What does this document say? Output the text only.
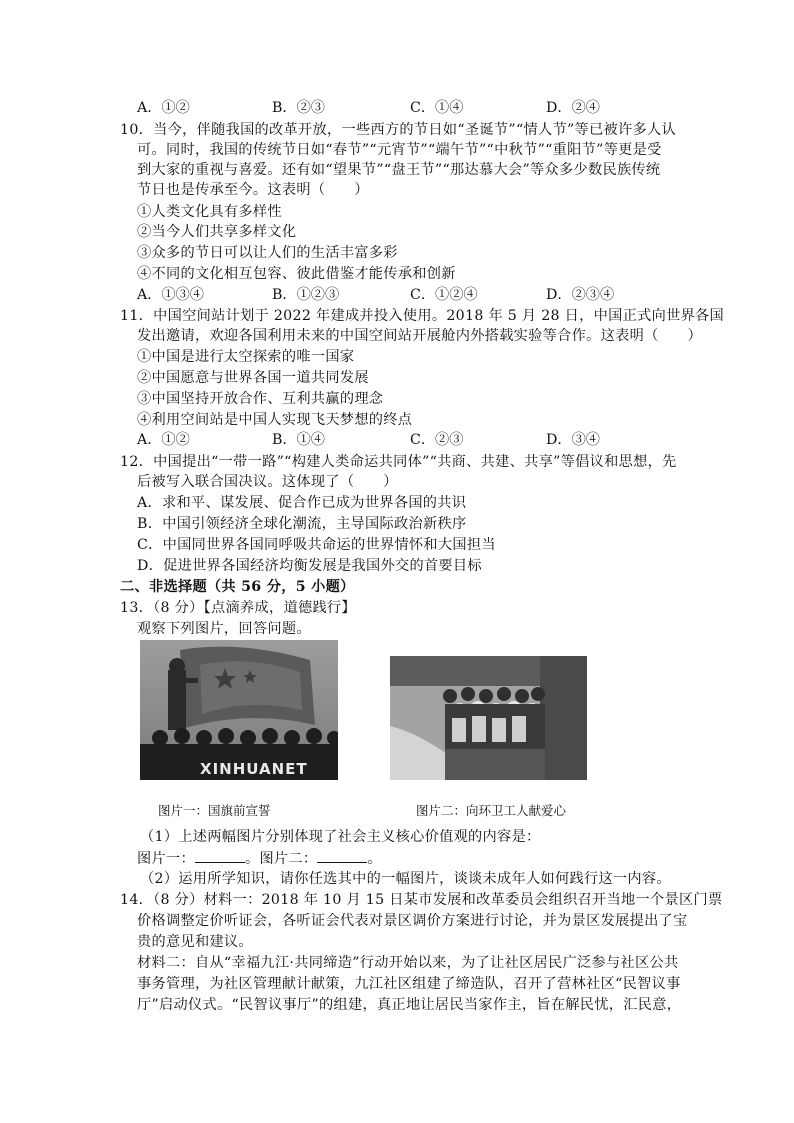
A．①②	B．②③	C．①④	D．②④
10．当今，伴随我国的改革开放，一些西方的节日如“圣诞节”“情人节”等已被许多人认
可。同时，我国的传统节日如“春节”“元宵节”“端午节”“中秋节”“重阳节”等更是受
到大家的重视与喜爱。还有如“望果节”“盘王节”“那达慕大会”等众多少数民族传统
节日也是传承至今。这表明（　　）
①人类文化具有多样性
②当今人们共享多样文化
③众多的节日可以让人们的生活丰富多彩
④不同的文化相互包容、彼此借鉴才能传承和创新
A．①③④	B．①②③	C．①②④	D．②③④
11．中国空间站计划于 2022 年建成并投入使用。2018 年 5 月 28 日，中国正式向世界各国
发出邀请，欢迎各国利用未来的中国空间站开展舱内外搭载实验等合作。这表明（　　）
①中国是进行太空探索的唯一国家
②中国愿意与世界各国一道共同发展
③中国坚持开放合作、互利共赢的理念
④利用空间站是中国人实现飞天梦想的终点
A．①②	B．①④	C．②③	D．③④
12．中国提出“一带一路”“构建人类命运共同体”“共商、共建、共享”等倡议和思想，先
后被写入联合国决议。这体现了（　　）
A．求和平、谋发展、促合作已成为世界各国的共识
B．中国引领经济全球化潮流，主导国际政治新秩序
C．中国同世界各国同呼吸共命运的世界情怀和大国担当
D．促进世界各国经济均衡发展是我国外交的首要目标
二、非选择题（共 56 分，5 小题）
13．（8 分）【点滴养成，道德践行】
观察下列图片，回答问题。
XINHUANET
图片一：国旗前宣誓	图片二：向环卫工人献爱心
（1）上述两幅图片分别体现了社会主义核心价值观的内容是：
图片一：	。图片二：	。
（2）运用所学知识，请你任选其中的一幅图片，谈谈未成年人如何践行这一内容。
14．（8 分）材料一：2018 年 10 月 15 日某市发展和改革委员会组织召开当地一个景区门票
价格调整定价听证会，各听证会代表对景区调价方案进行讨论，并为景区发展提出了宝
贵的意见和建议。
材料二：自从“幸福九江·共同缔造”行动开始以来，为了让社区居民广泛参与社区公共
事务管理，为社区管理献计献策，九江社区组建了缔造队，召开了营林社区“民智议事
厅”启动仪式。“民智议事厅”的组建，真正地让居民当家作主，旨在解民忧，汇民意，
